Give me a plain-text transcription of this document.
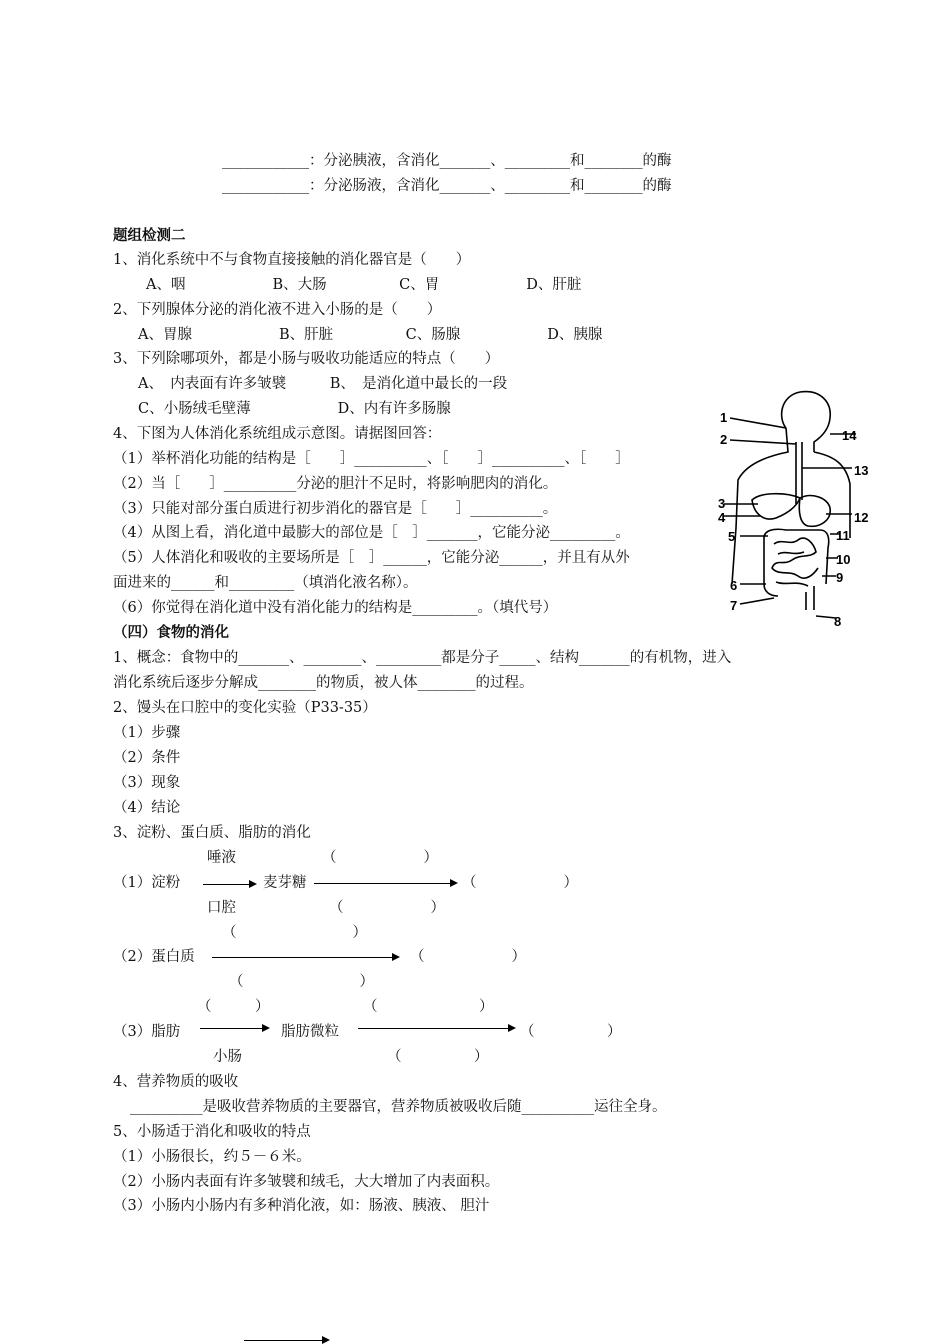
____________：分泌胰液，含消化_______、_________和________的酶
____________：分泌肠液，含消化_______、_________和________的酶
题组检测二
1、消化系统中不与食物直接接触的消化器官是（　　）
A、咽　　　　　　B、大肠　　　　　C、胃　　　　　　D、肝脏
2、下列腺体分泌的消化液不进入小肠的是（　　）
A、胃腺　　　　　　B、肝脏　　　　　C、肠腺　　　　　　D、胰腺
3、下列除哪项外，都是小肠与吸收功能适应的特点（　　）
A、　内表面有许多皱襞　　　B、　是消化道中最长的一段
C、小肠绒毛壁薄　　　　　　D、内有许多肠腺
4、下图为人体消化系统组成示意图。请据图回答：
（1）举杯消化功能的结构是［　　］__________、［　　］__________、［　　］
（2）当［　　］__________分泌的胆汁不足时，将影响肥肉的消化。
（3）只能对部分蛋白质进行初步消化的器官是［　　］__________。
（4）从图上看，消化道中最膨大的部位是［　］_______，它能分泌_________。
（5）人体消化和吸收的主要场所是［　］______，它能分泌______，并且有从外
面进来的______和_________（填消化液名称）。
（6）你觉得在消化道中没有消化能力的结构是_________。（填代号）
1
2	14
13
3
4	12
5	11
10
9
6
7
8
（四）食物的消化
1、概念：食物中的_______、________、_________都是分子_____、结构_______的有机物，进入
消化系统后逐步分解成________的物质，被人体________的过程。
2、馒头在口腔中的变化实验（P33-35）
（1）步骤
（2）条件
（3）现象
（4）结论
3、淀粉、蛋白质、脂肪的消化
唾液	（　　　　　　）
（1）淀粉	麦芽糖	（　　　　　　）
口腔	（　　　　　　）
（　　　　　　　　）
（2）蛋白质	（　　　　　　）
（　　　　　　　　）
（　　　）	（　　　　　　　）
（3）脂肪	脂肪微粒	（　　　　　）
小肠	（　　　　　）
4、营养物质的吸收
__________是吸收营养物质的主要器官，营养物质被吸收后随__________运往全身。
5、小肠适于消化和吸收的特点
（1）小肠很长，约５－６米。
（2）小肠内表面有许多皱襞和绒毛，大大增加了内表面积。
（3）小肠内小肠内有多种消化液，如：肠液、胰液、 胆汁
